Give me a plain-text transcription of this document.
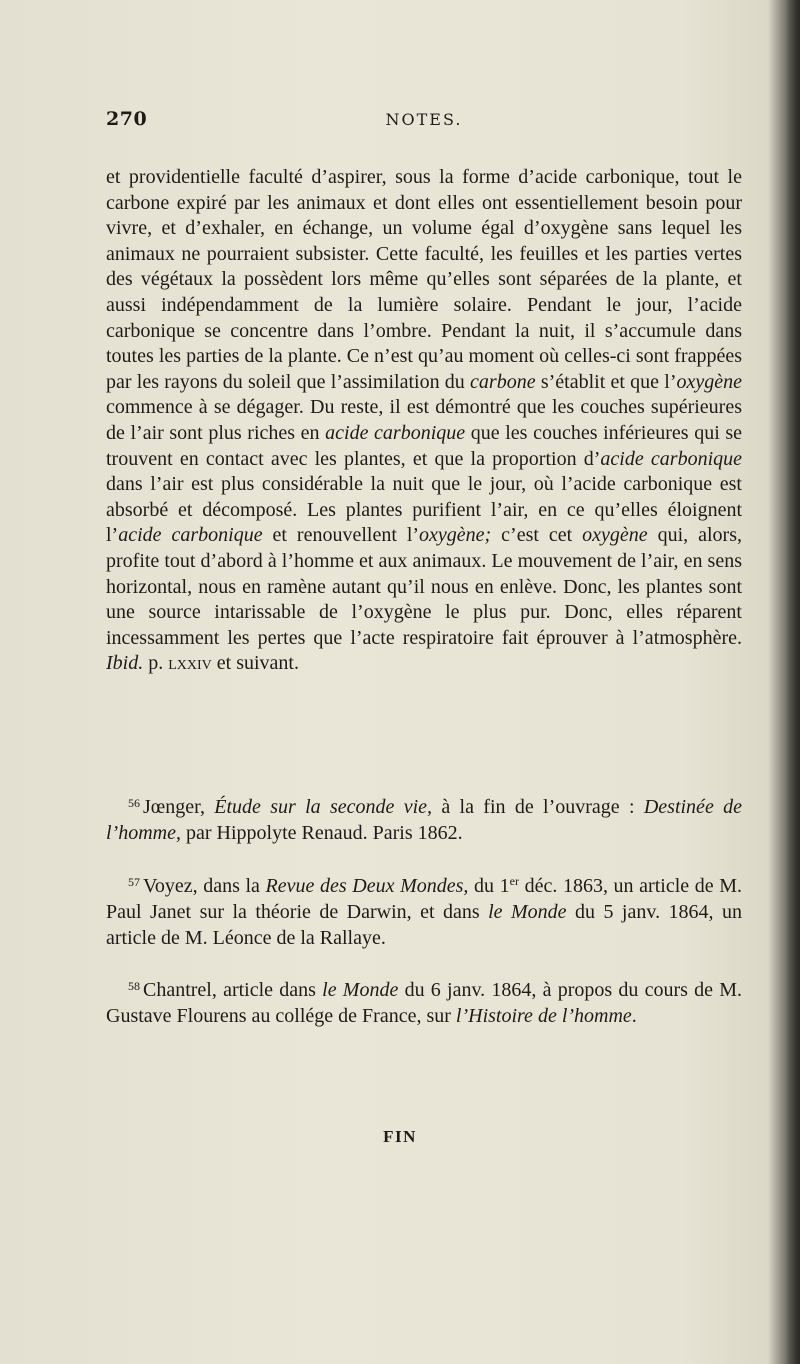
270	NOTES.

et providentielle faculté d’aspirer, sous la forme d’acide carbonique, tout le carbone expiré par les animaux et dont elles ont essentiellement besoin pour vivre, et d’exhaler, en échange, un volume égal d’oxygène sans lequel les animaux ne pourraient subsister. Cette faculté, les feuilles et les parties vertes des végétaux la possèdent lors même qu’elles sont séparées de la plante, et aussi indépendamment de la lumière solaire. Pendant le jour, l’acide carbonique se concentre dans l’ombre. Pendant la nuit, il s’accumule dans toutes les parties de la plante. Ce n’est qu’au moment où celles-ci sont frappées par les rayons du soleil que l’assimilation du carbone s’établit et que l’oxygène commence à se dégager. Du reste, il est démontré que les couches supérieures de l’air sont plus riches en acide carbonique que les couches inférieures qui se trouvent en contact avec les plantes, et que la proportion d’acide carbonique dans l’air est plus considérable la nuit que le jour, où l’acide carbonique est absorbé et décomposé. Les plantes purifient l’air, en ce qu’elles éloignent l’acide carbonique et renouvellent l’oxygène; c’est cet oxygène qui, alors, profite tout d’abord à l’homme et aux animaux. Le mouvement de l’air, en sens horizontal, nous en ramène autant qu’il nous en enlève. Donc, les plantes sont une source intarissable de l’oxygène le plus pur. Donc, elles réparent incessamment les pertes que l’acte respiratoire fait éprouver à l’atmosphère. Ibid. p. lxxiv et suivant.

$^{56}$ Jœnger, Étude sur la seconde vie, à la fin de l’ouvrage : Destinée de l’homme, par Hippolyte Renaud. Paris 1862.

$^{57}$ Voyez, dans la Revue des Deux Mondes, du 1er déc. 1863, un article de M. Paul Janet sur la théorie de Darwin, et dans le Monde du 5 janv. 1864, un article de M. Léonce de la Rallaye.

$^{58}$ Chantrel, article dans le Monde du 6 janv. 1864, à propos du cours de M. Gustave Flourens au collége de France, sur l’Histoire de l’homme.

FIN
